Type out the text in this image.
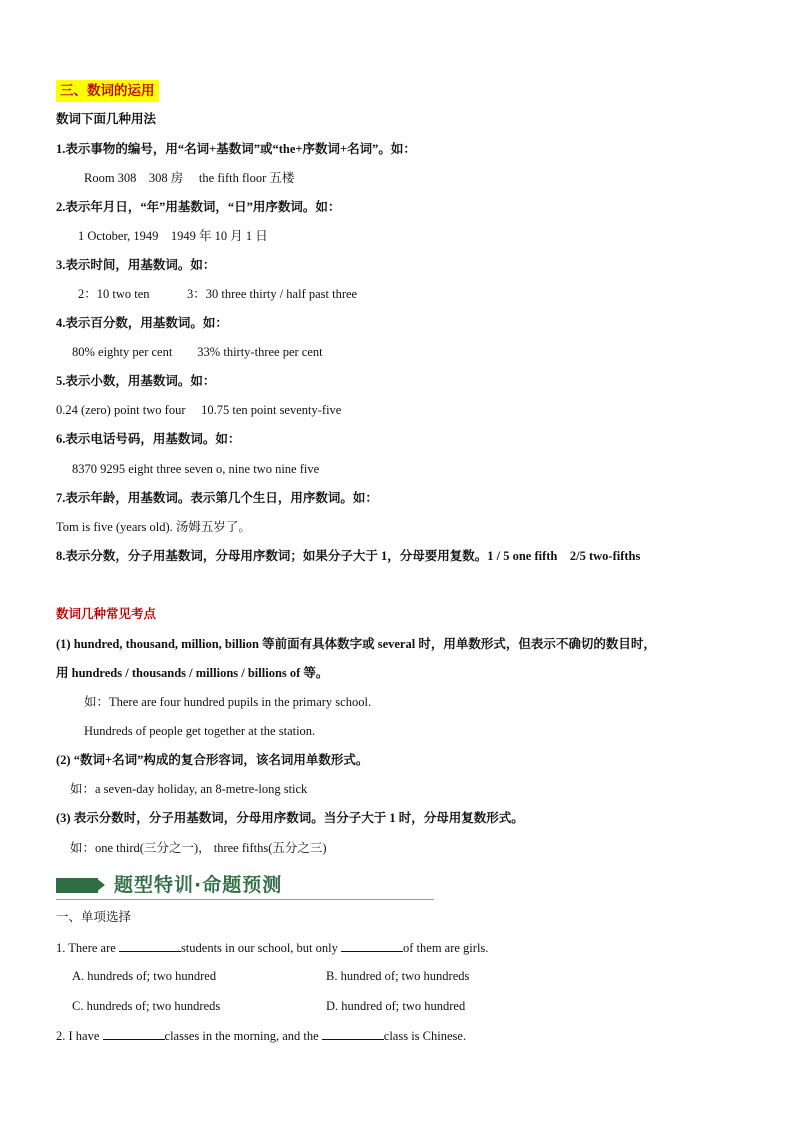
三、数词的运用
数词下面几种用法
1.表示事物的编号，用“名词+基数词”或“the+序数词+名词”。如：
Room 308　308 房　 the fifth floor 五楼
2.表示年月日，“年”用基数词，“日”用序数词。如：
1 October, 1949　1949 年 10 月 1 日
3.表示时间，用基数词。如：
2：10 two ten　　　3：30 three thirty / half past three
4.表示百分数，用基数词。如：
80% eighty per cent　　33% thirty-three per cent
5.表示小数，用基数词。如：
0.24 (zero) point two four　 10.75 ten point seventy-five
6.表示电话号码，用基数词。如：
8370 9295 eight three seven o, nine two nine five
7.表示年龄，用基数词。表示第几个生日，用序数词。如：
Tom is five (years old). 汤姆五岁了。
8.表示分数，分子用基数词，分母用序数词；如果分子大于 1，分母要用复数。1 / 5 one fifth　2/5 two-fifths
数词几种常见考点
(1) hundred, thousand, million, billion 等前面有具体数字或 several 时，用单数形式，但表示不确切的数目时，
用 hundreds / thousands / millions / billions of 等。
如：There are four hundred pupils in the primary school.
Hundreds of people get together at the station.
(2) “数词+名词”构成的复合形容词，该名词用单数形式。
如：a seven-day holiday, an 8-metre-long stick
(3) 表示分数时，分子用基数词，分母用序数词。当分子大于 1 时，分母用复数形式。
如：one third(三分之一)， three fifths(五分之三)
题型特训·命题预测
一、单项选择
1. There are	students in our school, but only	of them are girls.
A. hundreds of; two hundred	B. hundred of; two hundreds
C. hundreds of; two hundreds	D. hundred of; two hundred
2. I have	classes in the morning, and the	class is Chinese.
